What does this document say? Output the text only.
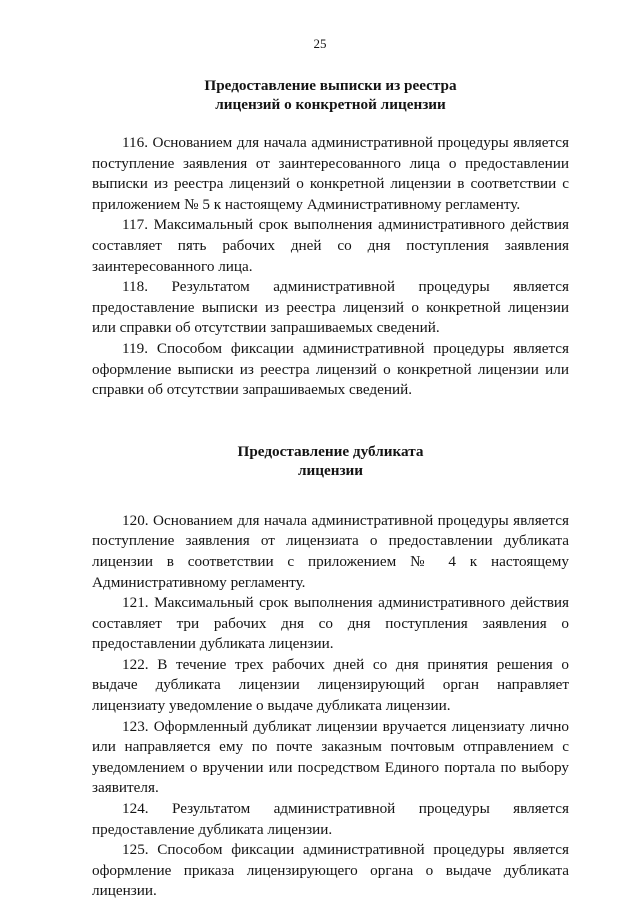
25
Предоставление выписки из реестра
лицензий о конкретной лицензии

116. Основанием для начала административной процедуры является поступление заявления от заинтересованного лица о предоставлении выписки из реестра лицензий о конкретной лицензии в соответствии с приложением № 5 к настоящему Административному регламенту.

117. Максимальный срок выполнения административного действия составляет пять рабочих дней со дня поступления заявления заинтересованного лица.

118. Результатом административной процедуры является предоставление выписки из реестра лицензий о конкретной лицензии или справки об отсутствии запрашиваемых сведений.

119. Способом фиксации административной процедуры является оформление выписки из реестра лицензий о конкретной лицензии или справки об отсутствии запрашиваемых сведений.

Предоставление дубликата
лицензии

120. Основанием для начала административной процедуры является поступление заявления от лицензиата о предоставлении дубликата лицензии в соответствии с приложением № 4 к настоящему Административному регламенту.

121. Максимальный срок выполнения административного действия составляет три рабочих дня со дня поступления заявления о предоставлении дубликата лицензии.

122. В течение трех рабочих дней со дня принятия решения о выдаче дубликата лицензии лицензирующий орган направляет лицензиату уведомление о выдаче дубликата лицензии.

123. Оформленный дубликат лицензии вручается лицензиату лично или направляется ему по почте заказным почтовым отправлением с уведомлением о вручении или посредством Единого портала по выбору заявителя.

124. Результатом административной процедуры является предоставление дубликата лицензии.

125. Способом фиксации административной процедуры является оформление приказа лицензирующего органа о выдаче дубликата лицензии.
